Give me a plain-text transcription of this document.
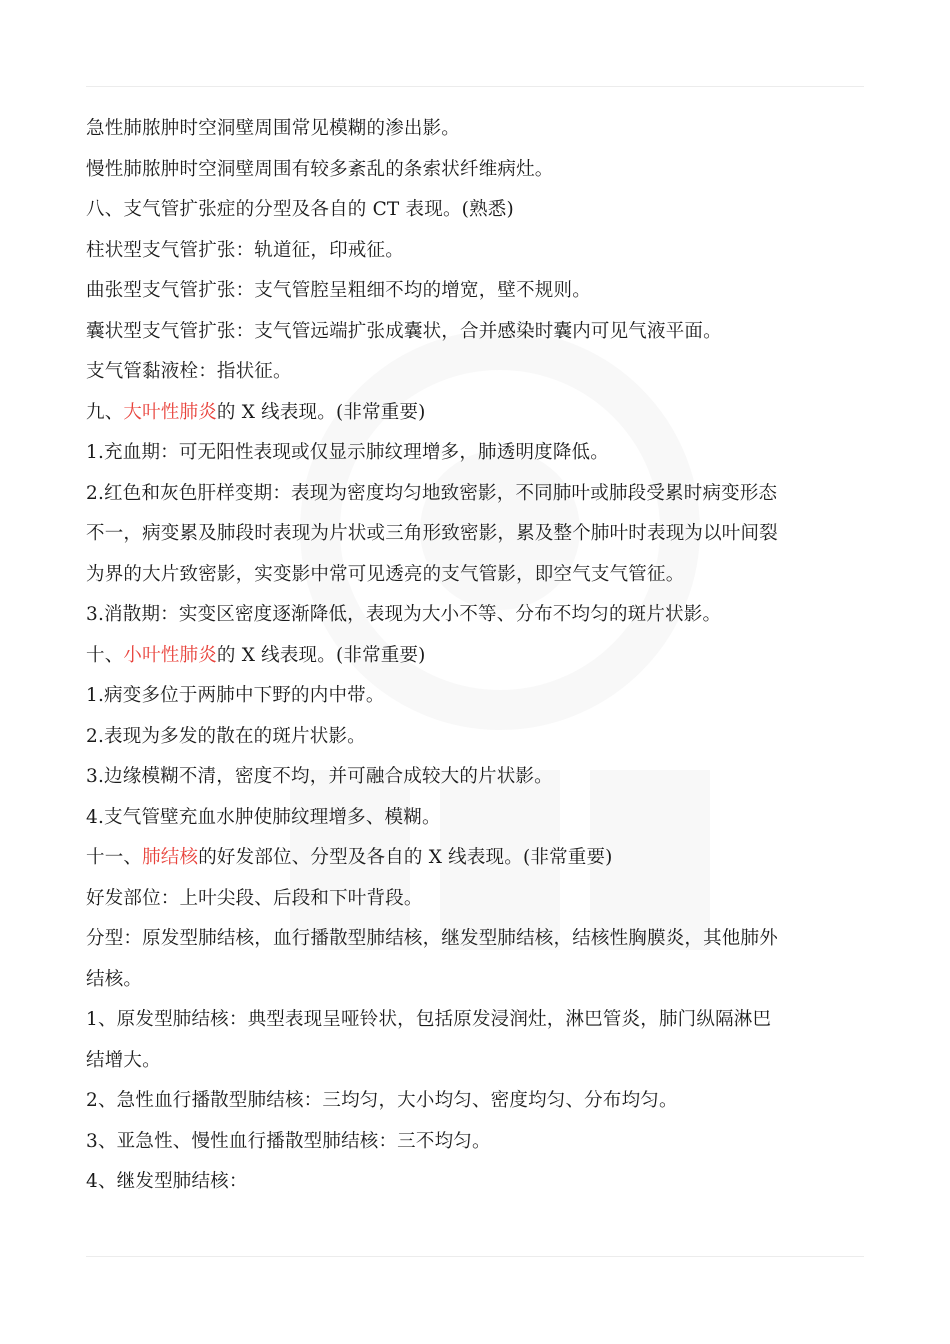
急性肺脓肿时空洞壁周围常见模糊的渗出影。
慢性肺脓肿时空洞壁周围有较多紊乱的条索状纤维病灶。
八、支气管扩张症的分型及各自的 CT 表现。(熟悉)
柱状型支气管扩张：轨道征，印戒征。
曲张型支气管扩张：支气管腔呈粗细不均的增宽，壁不规则。
囊状型支气管扩张：支气管远端扩张成囊状，合并感染时囊内可见气液平面。
支气管黏液栓：指状征。
九、大叶性肺炎的 X 线表现。(非常重要)
1.充血期：可无阳性表现或仅显示肺纹理增多，肺透明度降低。
2.红色和灰色肝样变期：表现为密度均匀地致密影，不同肺叶或肺段受累时病变形态
不一，病变累及肺段时表现为片状或三角形致密影，累及整个肺叶时表现为以叶间裂
为界的大片致密影，实变影中常可见透亮的支气管影，即空气支气管征。
3.消散期：实变区密度逐渐降低，表现为大小不等、分布不均匀的斑片状影。
十、小叶性肺炎的 X 线表现。(非常重要)
1.病变多位于两肺中下野的内中带。
2.表现为多发的散在的斑片状影。
3.边缘模糊不清，密度不均，并可融合成较大的片状影。
4.支气管壁充血水肿使肺纹理增多、模糊。
十一、肺结核的好发部位、分型及各自的 X 线表现。(非常重要)
好发部位：上叶尖段、后段和下叶背段。
分型：原发型肺结核，血行播散型肺结核，继发型肺结核，结核性胸膜炎，其他肺外
结核。
1、原发型肺结核：典型表现呈哑铃状，包括原发浸润灶，淋巴管炎，肺门纵隔淋巴
结增大。
2、急性血行播散型肺结核：三均匀，大小均匀、密度均匀、分布均匀。
3、亚急性、慢性血行播散型肺结核：三不均匀。
4、继发型肺结核：
